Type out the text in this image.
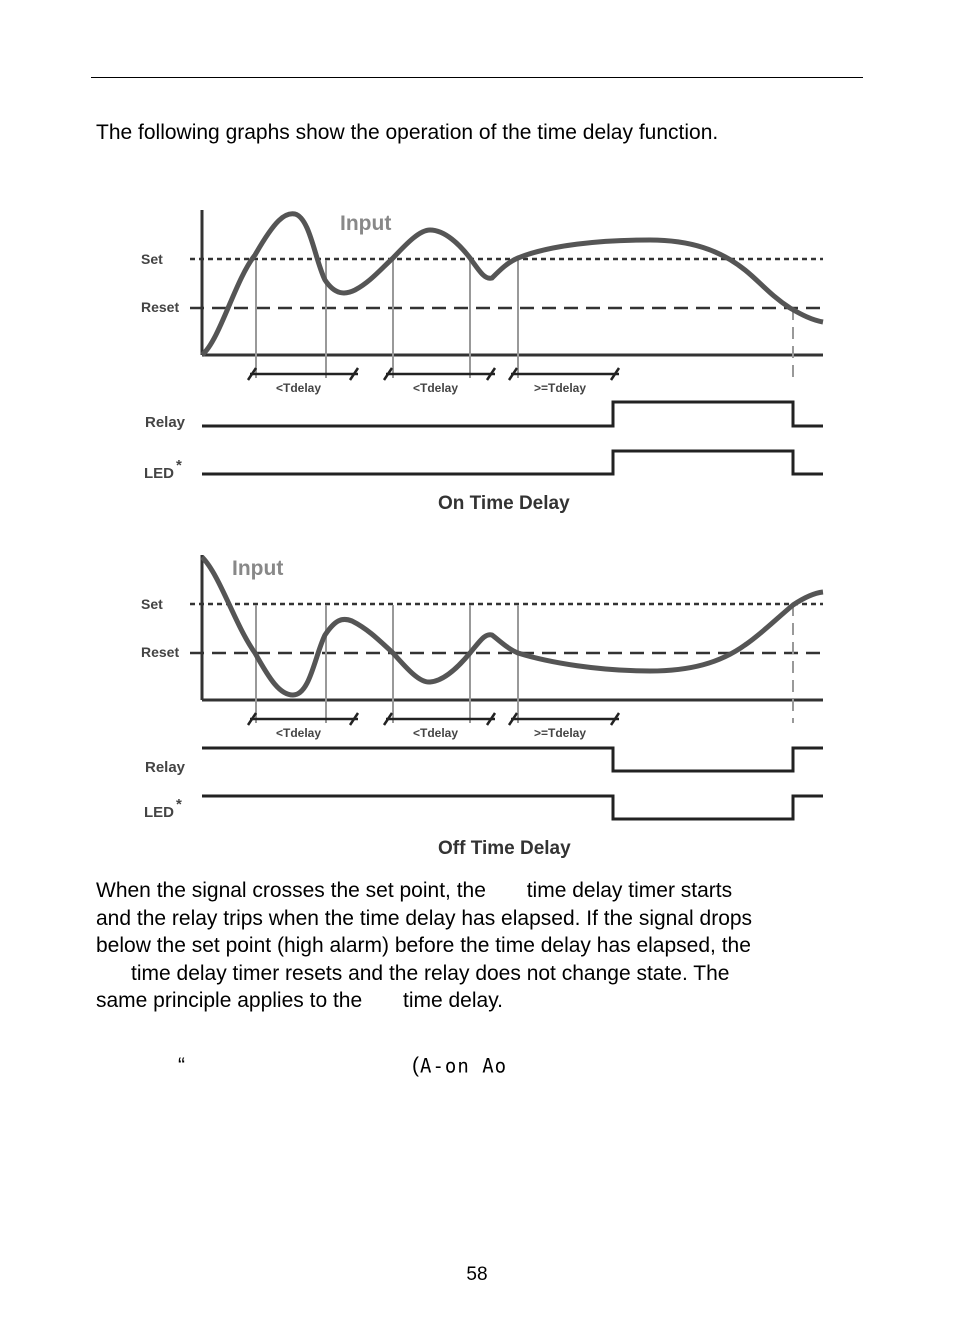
The following graphs show the operation of the time delay function.
Input
Set
Reset
<Tdelay	<Tdelay	>=Tdelay
Relay
LED *
On Time Delay
Input
Set
Reset
<Tdelay	<Tdelay	>=Tdelay
Relay
LED *
Off Time Delay
When the signal crosses the set point, the       time delay timer starts
and the relay trips when the time delay has elapsed. If the signal drops
below the set point (high alarm) before the time delay has elapsed, the
time delay timer resets and the relay does not change state. The
same principle applies to the       time delay.
“	( A-on Ao
58
